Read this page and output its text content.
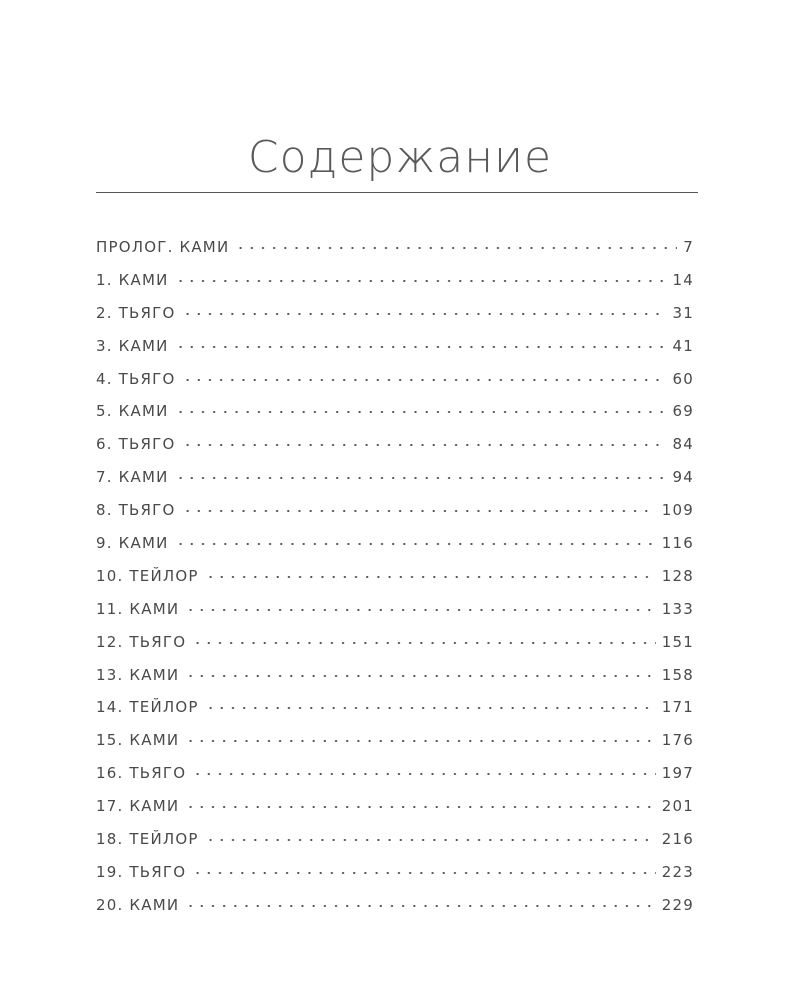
Содержание
ПРОЛОГ. КАМИ	7
1. КАМИ	14
2. ТЬЯГО	31
3. КАМИ	41
4. ТЬЯГО	60
5. КАМИ	69
6. ТЬЯГО	84
7. КАМИ	94
8. ТЬЯГО	109
9. КАМИ	116
10. ТЕЙЛОР	128
11. КАМИ	133
12. ТЬЯГО	151
13. КАМИ	158
14. ТЕЙЛОР	171
15. КАМИ	176
16. ТЬЯГО	197
17. КАМИ	201
18. ТЕЙЛОР	216
19. ТЬЯГО	223
20. КАМИ	229
